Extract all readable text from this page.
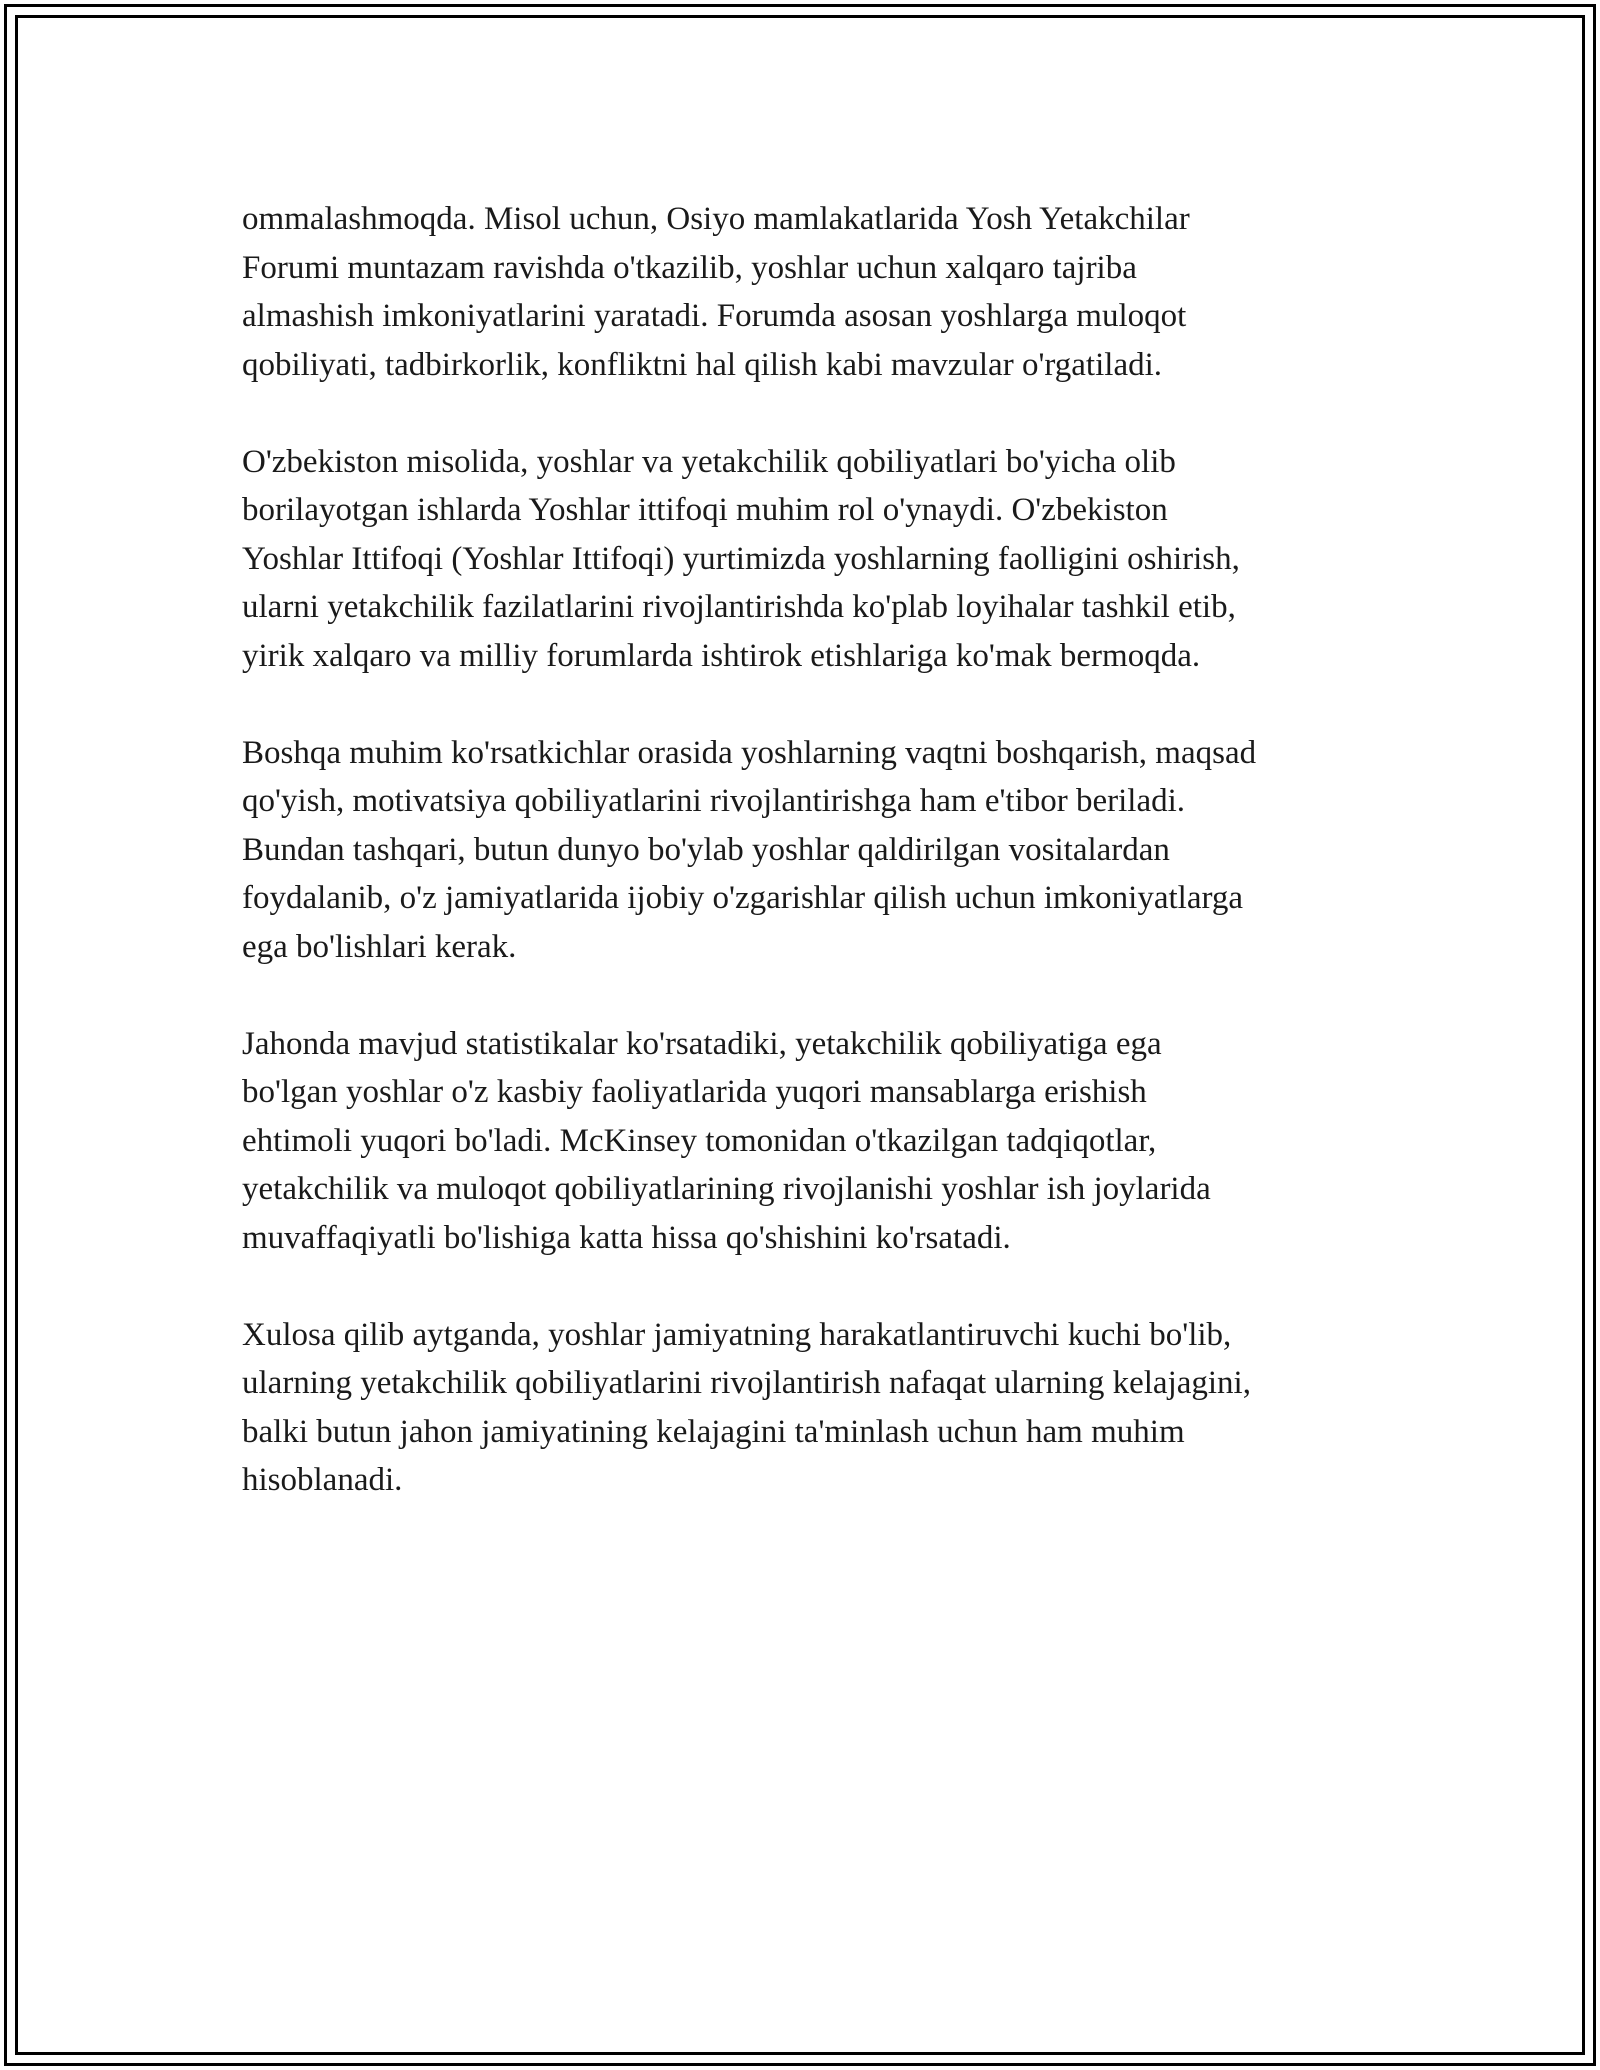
ommalashmoqda. Misol uchun, Osiyo mamlakatlarida Yosh Yetakchilar
Forumi muntazam ravishda o'tkazilib, yoshlar uchun xalqaro tajriba
almashish imkoniyatlarini yaratadi. Forumda asosan yoshlarga muloqot
qobiliyati, tadbirkorlik, konfliktni hal qilish kabi mavzular o'rgatiladi.

O'zbekiston misolida, yoshlar va yetakchilik qobiliyatlari bo'yicha olib
borilayotgan ishlarda Yoshlar ittifoqi muhim rol o'ynaydi. O'zbekiston
Yoshlar Ittifoqi (Yoshlar Ittifoqi) yurtimizda yoshlarning faolligini oshirish,
ularni yetakchilik fazilatlarini rivojlantirishda ko'plab loyihalar tashkil etib,
yirik xalqaro va milliy forumlarda ishtirok etishlariga ko'mak bermoqda.

Boshqa muhim ko'rsatkichlar orasida yoshlarning vaqtni boshqarish, maqsad
qo'yish, motivatsiya qobiliyatlarini rivojlantirishga ham e'tibor beriladi.
Bundan tashqari, butun dunyo bo'ylab yoshlar qaldirilgan vositalardan
foydalanib, o'z jamiyatlarida ijobiy o'zgarishlar qilish uchun imkoniyatlarga
ega bo'lishlari kerak.

Jahonda mavjud statistikalar ko'rsatadiki, yetakchilik qobiliyatiga ega
bo'lgan yoshlar o'z kasbiy faoliyatlarida yuqori mansablarga erishish
ehtimoli yuqori bo'ladi. McKinsey tomonidan o'tkazilgan tadqiqotlar,
yetakchilik va muloqot qobiliyatlarining rivojlanishi yoshlar ish joylarida
muvaffaqiyatli bo'lishiga katta hissa qo'shishini ko'rsatadi.

Xulosa qilib aytganda, yoshlar jamiyatning harakatlantiruvchi kuchi bo'lib,
ularning yetakchilik qobiliyatlarini rivojlantirish nafaqat ularning kelajagini,
balki butun jahon jamiyatining kelajagini ta'minlash uchun ham muhim
hisoblanadi.
